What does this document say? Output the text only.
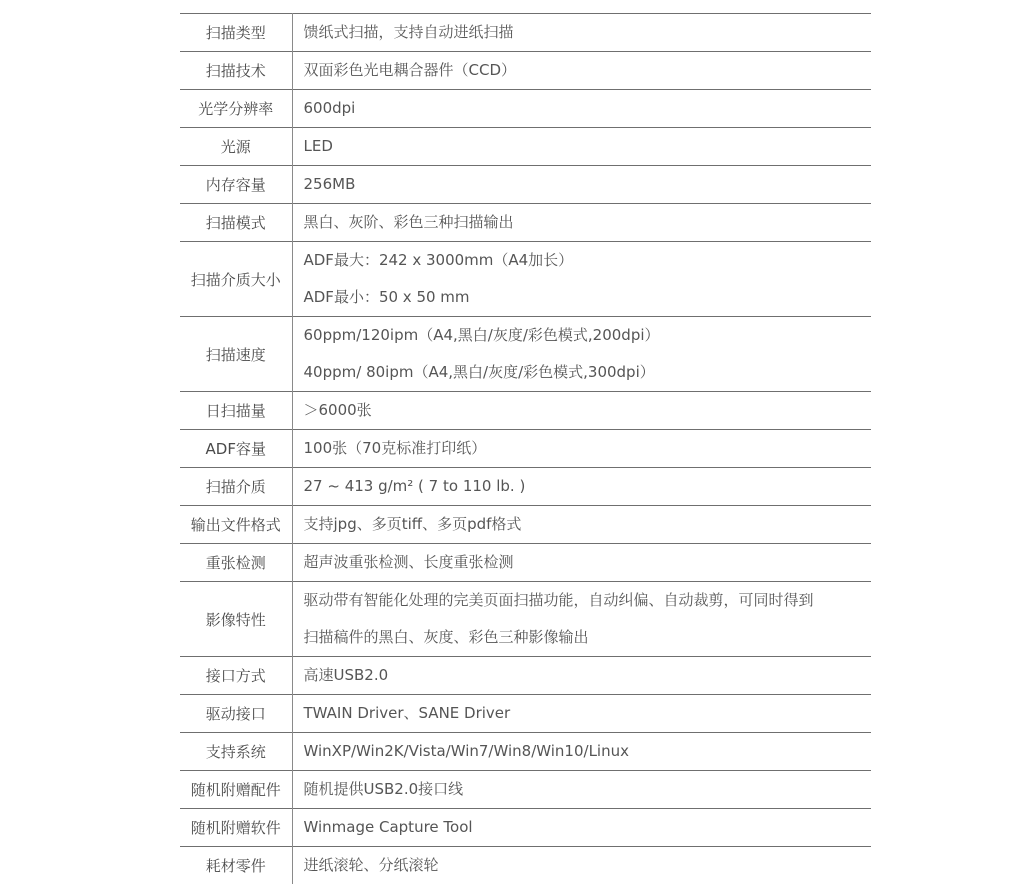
扫描类型	馈纸式扫描，支持自动进纸扫描

扫描技术	双面彩色光电耦合器件（CCD）

光学分辨率	600dpi

光源	LED

内存容量	256MB

扫描模式	黑白、灰阶、彩色三种扫描输出

扫描介质大小	ADF最大：242 x 3000mm（A4加长）
ADF最小：50 x 50 mm

扫描速度	60ppm/120ipm（A4,黑白/灰度/彩色模式,200dpi）
40ppm/ 80ipm（A4,黑白/灰度/彩色模式,300dpi）

日扫描量	＞6000张

ADF容量	100张（70克标准打印纸）

扫描介质	27 ~ 413 g/m² ( 7 to 110 lb. )

输出文件格式	支持jpg、多页tiff、多页pdf格式

重张检测	超声波重张检测、长度重张检测

影像特性	驱动带有智能化处理的完美页面扫描功能，自动纠偏、自动裁剪，可同时得到
扫描稿件的黑白、灰度、彩色三种影像输出

接口方式	高速USB2.0

驱动接口	TWAIN Driver、SANE Driver

支持系统	WinXP/Win2K/Vista/Win7/Win8/Win10/Linux

随机附赠配件	随机提供USB2.0接口线

随机附赠软件	Winmage Capture Tool

耗材零件	进纸滚轮、分纸滚轮
